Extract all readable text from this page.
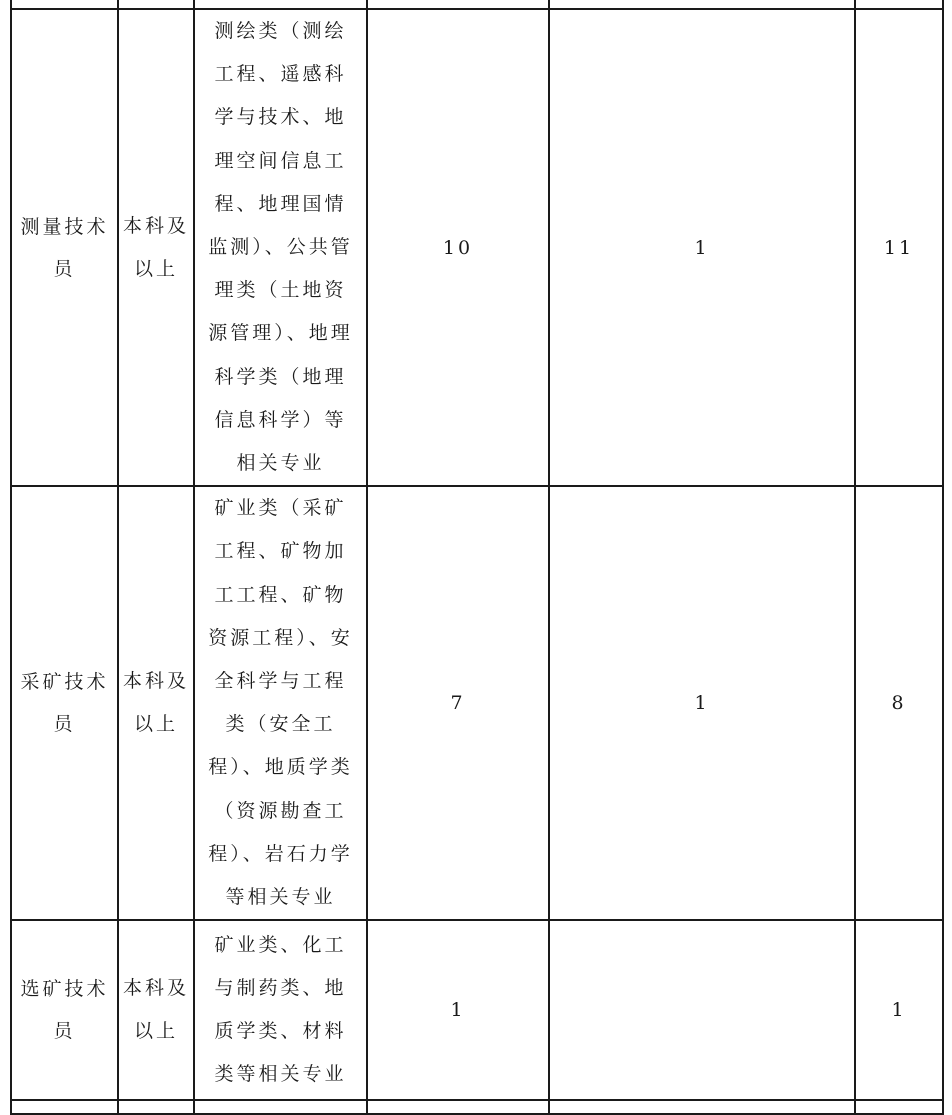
测量技术员	本科及以上	测绘类（测绘工程、遥感科学与技术、地理空间信息工程、地理国情监测）、公共管理类（土地资源管理）、地理科学类（地理信息科学）等相关专业	10	1	11
采矿技术员	本科及以上	矿业类（采矿工程、矿物加工工程、矿物资源工程）、安全科学与工程类（安全工程）、地质学类（资源勘查工程）、岩石力学等相关专业	7	1	8
选矿技术员	本科及以上	矿业类、化工与制药类、地质学类、材料类等相关专业	1		1
